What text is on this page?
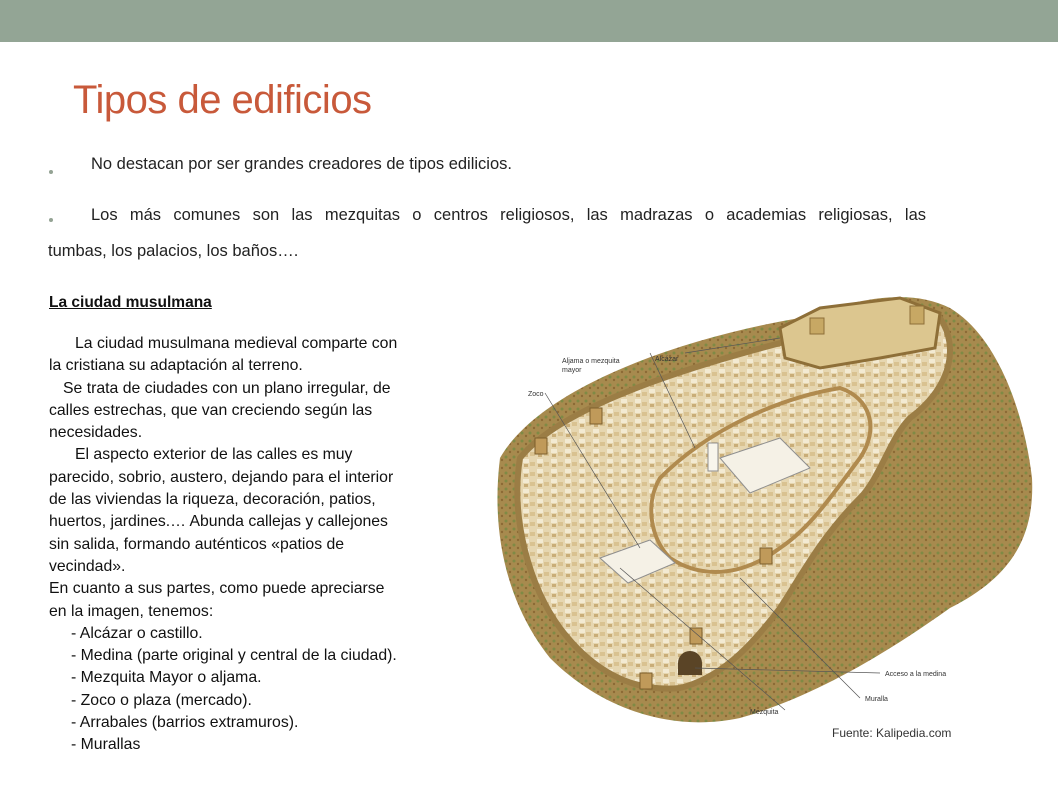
Tipos de edificios
No destacan por ser grandes creadores de tipos edilicios.
Los más comunes son las mezquitas o centros religiosos, las madrazas o academias religiosas, las
tumbas, los palacios, los baños….
La ciudad musulmana
La ciudad musulmana medieval comparte con
la cristiana su adaptación al terreno.
Se trata de ciudades con un plano irregular, de
calles estrechas, que van creciendo según las
necesidades.
El aspecto exterior de las calles es muy
parecido, sobrio, austero, dejando para el interior
de las viviendas la riqueza, decoración, patios,
huertos, jardines.… Abunda callejas y callejones
sin salida, formando auténticos «patios de
vecindad».
En cuanto a sus partes, como puede apreciarse
en la imagen, tenemos:
- Alcázar o castillo.
- Medina (parte original y central de la ciudad).
- Mezquita Mayor o aljama.
- Zoco o plaza (mercado).
- Arrabales (barrios extramuros).
- Murallas
Alcázar
Aljama o mezquita
mayor
Zoco
Acceso a la medina
Muralla
Mezquita
Fuente: Kalipedia.com
